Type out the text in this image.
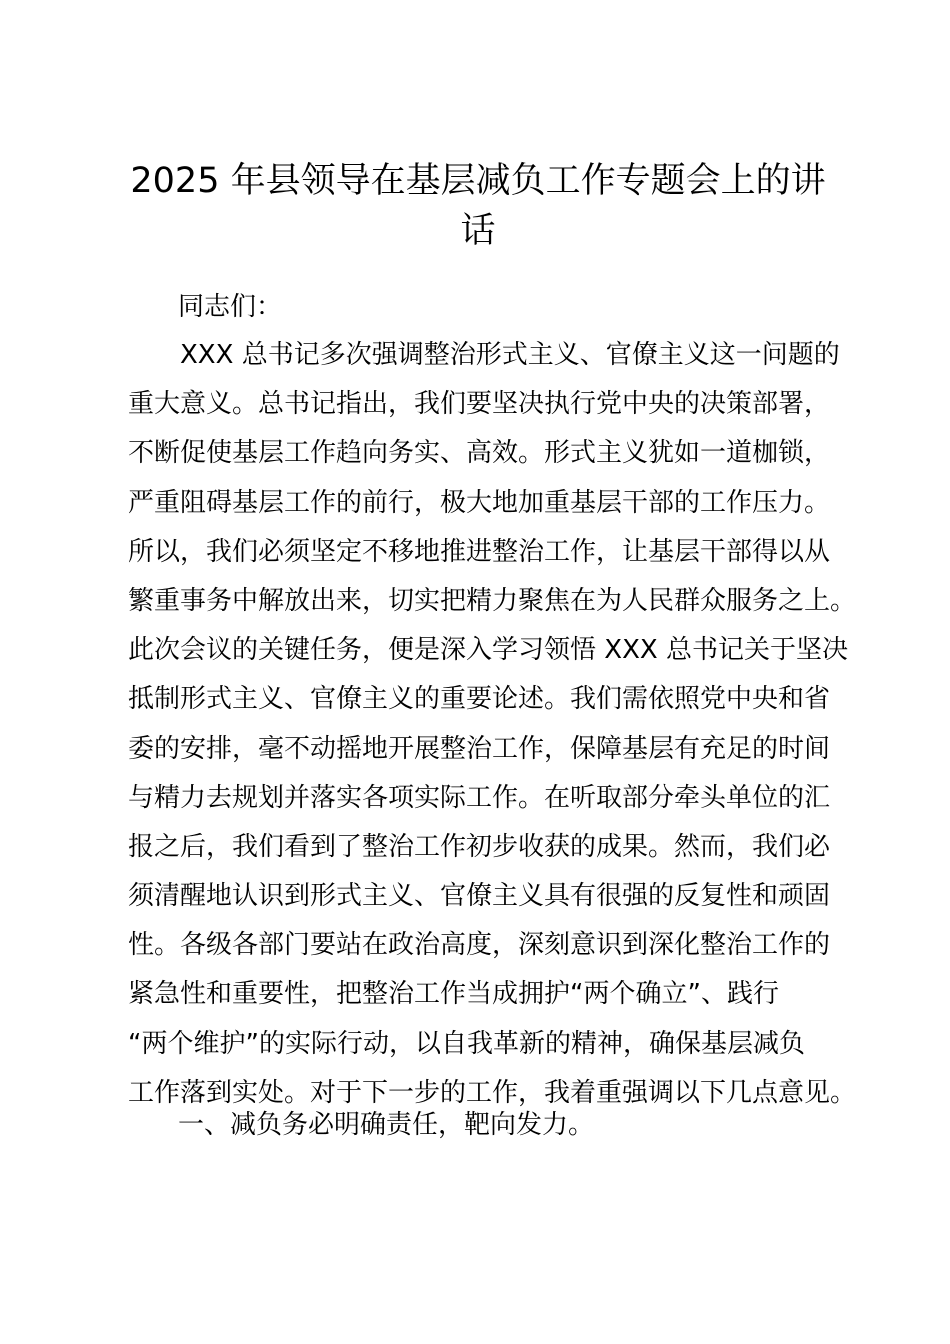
2025 年县领导在基层减负工作专题会上的讲话

同志们：

　　XXX 总书记多次强调整治形式主义、官僚主义这一问题的
重大意义。总书记指出，我们要坚决执行党中央的决策部署，
不断促使基层工作趋向务实、高效。形式主义犹如一道枷锁，
严重阻碍基层工作的前行，极大地加重基层干部的工作压力。
所以，我们必须坚定不移地推进整治工作，让基层干部得以从
繁重事务中解放出来，切实把精力聚焦在为人民群众服务之上。
此次会议的关键任务，便是深入学习领悟 XXX 总书记关于坚决
抵制形式主义、官僚主义的重要论述。我们需依照党中央和省
委的安排，毫不动摇地开展整治工作，保障基层有充足的时间
与精力去规划并落实各项实际工作。在听取部分牵头单位的汇
报之后，我们看到了整治工作初步收获的成果。然而，我们必
须清醒地认识到形式主义、官僚主义具有很强的反复性和顽固
性。各级各部门要站在政治高度，深刻意识到深化整治工作的
紧急性和重要性，把整治工作当成拥护“两个确立”、践行
“两个维护”的实际行动，以自我革新的精神，确保基层减负
工作落到实处。对于下一步的工作，我着重强调以下几点意见。

一、减负务必明确责任，靶向发力。
